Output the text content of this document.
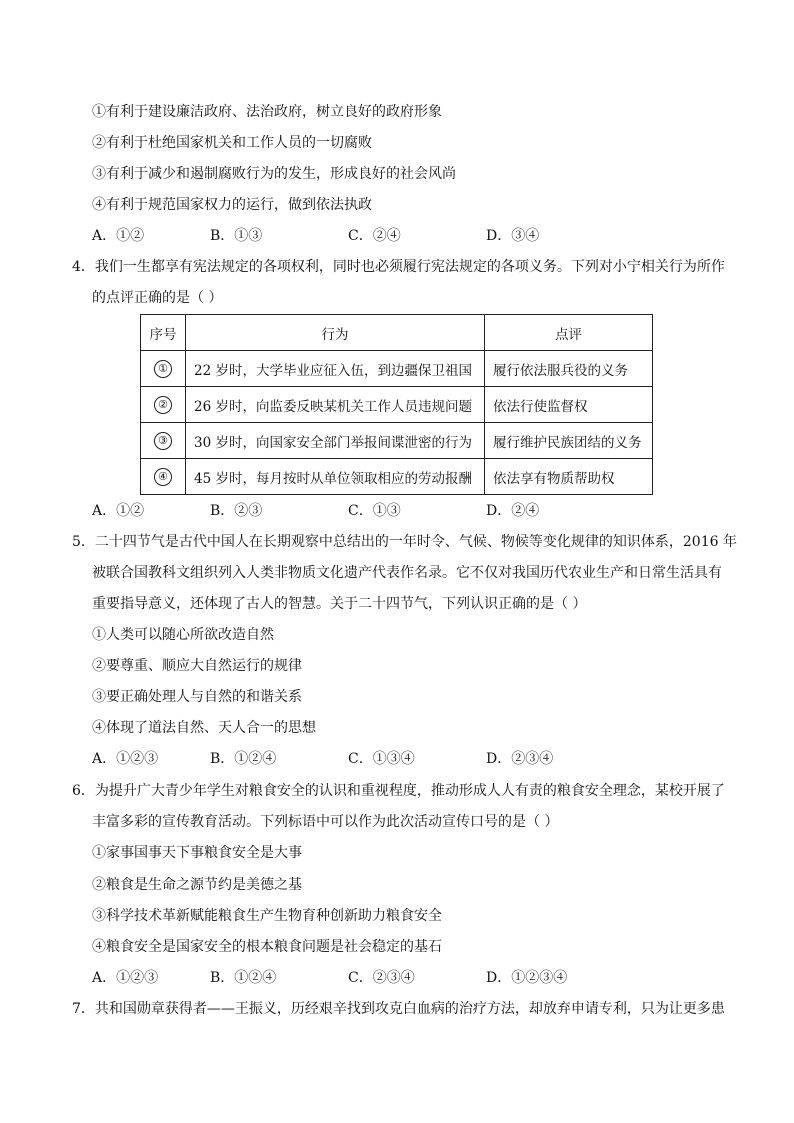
①有利于建设廉洁政府、法治政府，树立良好的政府形象
②有利于杜绝国家机关和工作人员的一切腐败
③有利于减少和遏制腐败行为的发生，形成良好的社会风尚
④有利于规范国家权力的运行，做到依法执政
A．①②	B．①③	C．②④	D．③④
4．我们一生都享有宪法规定的各项权利，同时也必须履行宪法规定的各项义务。下列对小宁相关行为所作
的点评正确的是（ ）
序号	行为	点评
①	22 岁时，大学毕业应征入伍，到边疆保卫祖国	履行依法服兵役的义务
②	26 岁时，向监委反映某机关工作人员违规问题	依法行使监督权
③	30 岁时，向国家安全部门举报间谍泄密的行为	履行维护民族团结的义务
④	45 岁时，每月按时从单位领取相应的劳动报酬	依法享有物质帮助权
A．①②	B．②③	C．①③	D．②④
5．二十四节气是古代中国人在长期观察中总结出的一年时令、气候、物候等变化规律的知识体系，2016 年
被联合国教科文组织列入人类非物质文化遗产代表作名录。它不仅对我国历代农业生产和日常生活具有
重要指导意义，还体现了古人的智慧。关于二十四节气，下列认识正确的是（ ）
①人类可以随心所欲改造自然
②要尊重、顺应大自然运行的规律
③要正确处理人与自然的和谐关系
④体现了道法自然、天人合一的思想
A．①②③	B．①②④	C．①③④	D．②③④
6．为提升广大青少年学生对粮食安全的认识和重视程度，推动形成人人有责的粮食安全理念，某校开展了
丰富多彩的宣传教育活动。下列标语中可以作为此次活动宣传口号的是（ ）
①家事国事天下事粮食安全是大事
②粮食是生命之源节约是美德之基
③科学技术革新赋能粮食生产生物育种创新助力粮食安全
④粮食安全是国家安全的根本粮食问题是社会稳定的基石
A．①②③	B．①②④	C．②③④	D．①②③④
7．共和国勋章获得者——王振义，历经艰辛找到攻克白血病的治疗方法，却放弃申请专利，只为让更多患
